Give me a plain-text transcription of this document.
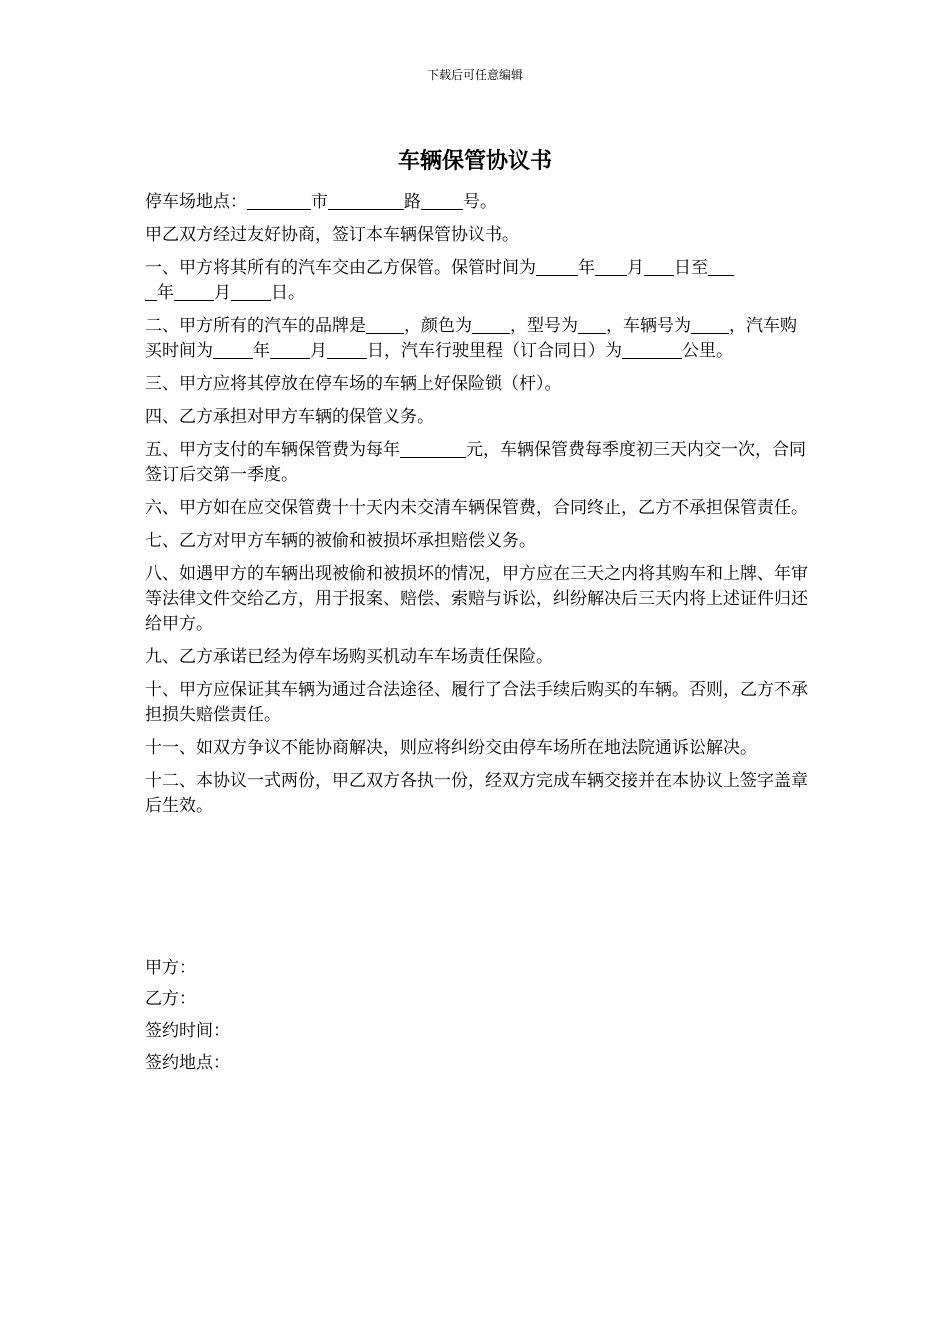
下载后可任意编辑
车辆保管协议书

停车场地点：	市	路 号。

甲乙双方经过友好协商，签订本车辆保管协议书。

一、甲方将其所有的汽车交由乙方保管。保管时间为 年 月 日至
年 月 日。

二、甲方所有的汽车的品牌是 ，颜色为 ，型号为 ，车辆号为 ，汽车购买时间为 年 月 日，汽车行驶里程（订合同日）为	公里。

三、甲方应将其停放在停车场的车辆上好保险锁（杆）。

四、乙方承担对甲方车辆的保管义务。

五、甲方支付的车辆保管费为每年	元，车辆保管费每季度初三天内交一次，合同签订后交第一季度。

六、甲方如在应交保管费十十天内未交清车辆保管费，合同终止，乙方不承担保管责任。

七、乙方对甲方车辆的被偷和被损坏承担赔偿义务。

八、如遇甲方的车辆出现被偷和被损坏的情况，甲方应在三天之内将其购车和上牌、年审等法律文件交给乙方，用于报案、赔偿、索赔与诉讼，纠纷解决后三天内将上述证件归还给甲方。

九、乙方承诺已经为停车场购买机动车车场责任保险。

十、甲方应保证其车辆为通过合法途径、履行了合法手续后购买的车辆。否则，乙方不承担损失赔偿责任。

十一、如双方争议不能协商解决，则应将纠纷交由停车场所在地法院通诉讼解决。

十二、本协议一式两份，甲乙双方各执一份，经双方完成车辆交接并在本协议上签字盖章后生效。

甲方：
乙方：
签约时间：
签约地点：
